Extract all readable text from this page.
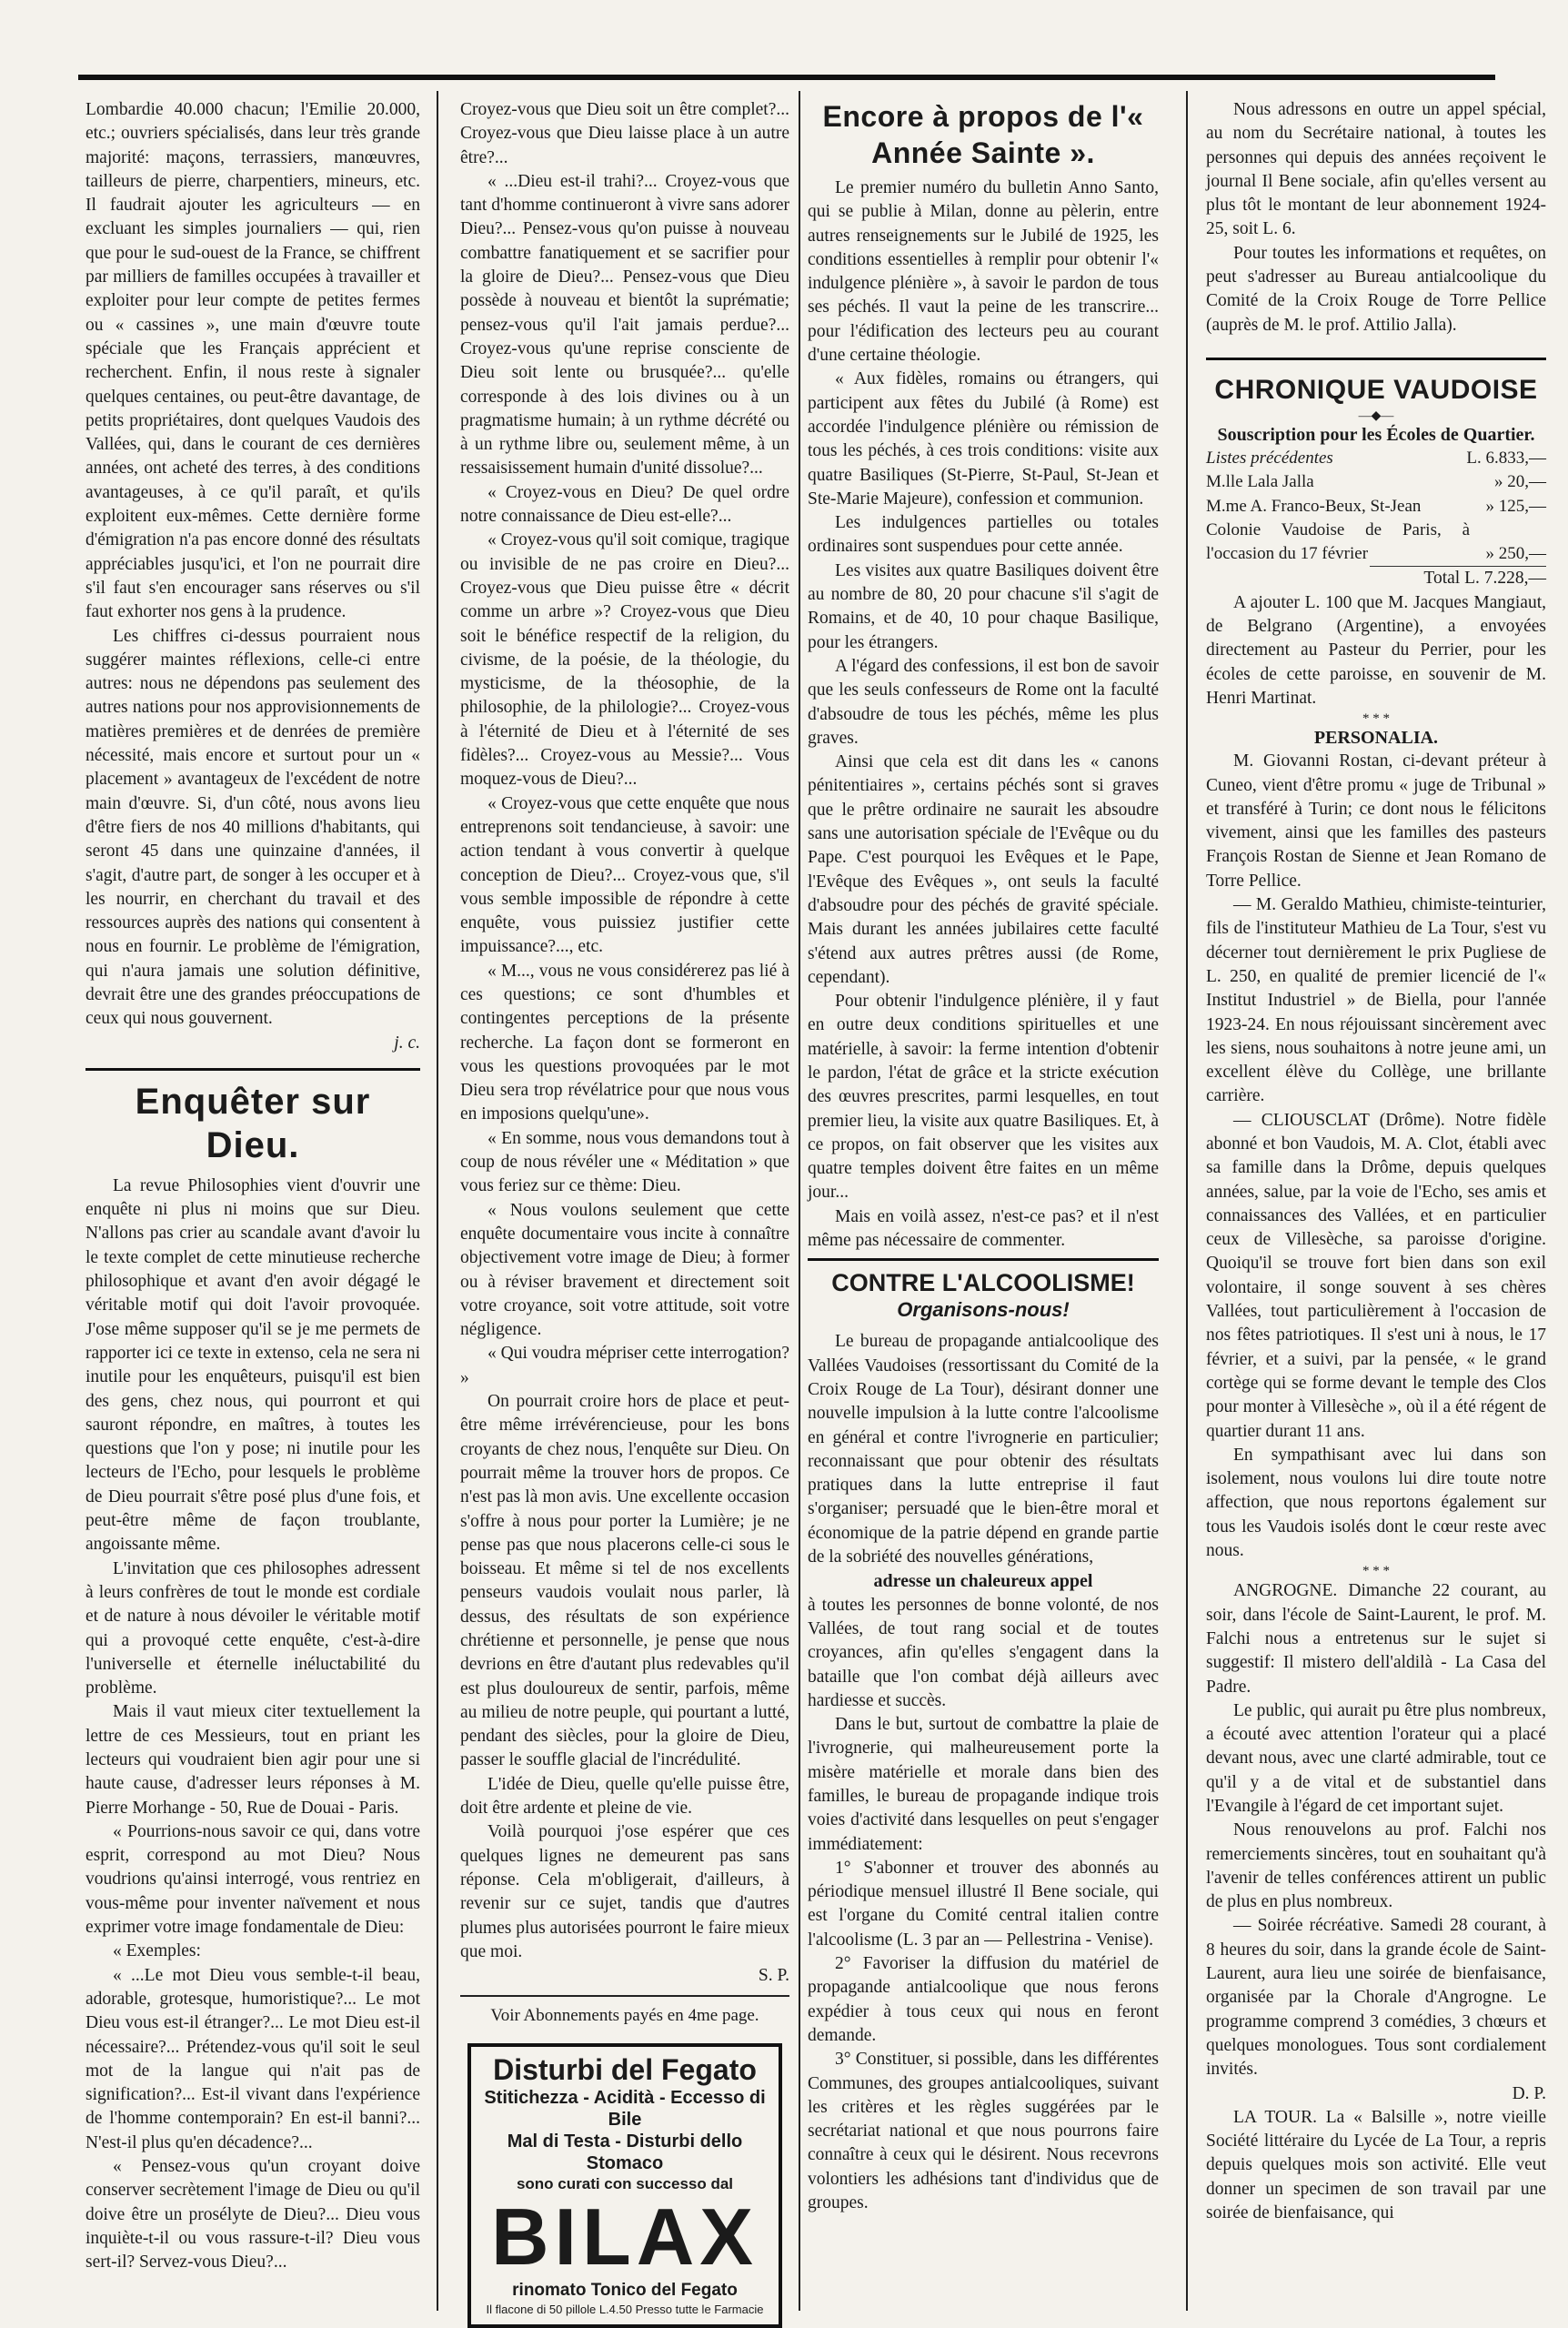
Lombardie 40.000 chacun; l'Emilie 20.000, etc.; ouvriers spécialisés, dans leur très grande majorité: maçons, terrassiers, manœuvres, tailleurs de pierre, charpentiers, mineurs, etc. Il faudrait ajouter les agriculteurs — en excluant les simples journaliers — qui, rien que pour le sud-ouest de la France, se chiffrent par milliers de familles occupées à travailler et exploiter pour leur compte de petites fermes ou « cassines », une main d'œuvre toute spéciale que les Français apprécient et recherchent. Enfin, il nous reste à signaler quelques centaines, ou peut-être davantage, de petits propriétaires, dont quelques Vaudois des Vallées, qui, dans le courant de ces dernières années, ont acheté des terres, à des conditions avantageuses, à ce qu'il paraît, et qu'ils exploitent eux-mêmes. Cette dernière forme d'émigration n'a pas encore donné des résultats appréciables jusqu'ici, et l'on ne pourrait dire s'il faut s'en encourager sans réserves ou s'il faut exhorter nos gens à la prudence.

Les chiffres ci-dessus pourraient nous suggérer maintes réflexions, celle-ci entre autres: nous ne dépendons pas seulement des autres nations pour nos approvisionnements de matières premières et de denrées de première nécessité, mais encore et surtout pour un « placement » avantageux de l'excédent de notre main d'œuvre. Si, d'un côté, nous avons lieu d'être fiers de nos 40 millions d'habitants, qui seront 45 dans une quinzaine d'années, il s'agit, d'autre part, de songer à les occuper et à les nourrir, en cherchant du travail et des ressources auprès des nations qui consentent à nous en fournir. Le problème de l'émigration, qui n'aura jamais une solution définitive, devrait être une des grandes préoccupations de ceux qui nous gouvernent.

j. c.

Enquêter sur Dieu.

La revue Philosophies vient d'ouvrir une enquête ni plus ni moins que sur Dieu. N'allons pas crier au scandale avant d'avoir lu le texte complet de cette minutieuse recherche philosophique et avant d'en avoir dégagé le véritable motif qui doit l'avoir provoquée. J'ose même supposer qu'il se je me permets de rapporter ici ce texte in extenso, cela ne sera ni inutile pour les enquêteurs, puisqu'il est bien des gens, chez nous, qui pourront et qui sauront répondre, en maîtres, à toutes les questions que l'on y pose; ni inutile pour les lecteurs de l'Echo, pour lesquels le problème de Dieu pourrait s'être posé plus d'une fois, et peut-être même de façon troublante, angoissante même.

L'invitation que ces philosophes adressent à leurs confrères de tout le monde est cordiale et de nature à nous dévoiler le véritable motif qui a provoqué cette enquête, c'est-à-dire l'universelle et éternelle inéluctabilité du problème.

Mais il vaut mieux citer textuellement la lettre de ces Messieurs, tout en priant les lecteurs qui voudraient bien agir pour une si haute cause, d'adresser leurs réponses à M. Pierre Morhange - 50, Rue de Douai - Paris.

« Pourrions-nous savoir ce qui, dans votre esprit, correspond au mot Dieu? Nous voudrions qu'ainsi interrogé, vous rentriez en vous-même pour inventer naïvement et nous exprimer votre image fondamentale de Dieu:

« Exemples:

« ...Le mot Dieu vous semble-t-il beau, adorable, grotesque, humoristique?... Le mot Dieu vous est-il étranger?... Le mot Dieu est-il nécessaire?... Prétendez-vous qu'il soit le seul mot de la langue qui n'ait pas de signification?... Est-il vivant dans l'expérience de l'homme contemporain? En est-il banni?... N'est-il plus qu'en décadence?...

« Pensez-vous qu'un croyant doive conserver secrètement l'image de Dieu ou qu'il doive être un prosélyte de Dieu?... Dieu vous inquiète-t-il ou vous rassure-t-il? Dieu vous sert-il? Servez-vous Dieu?...

Croyez-vous que Dieu soit un être complet?... Croyez-vous que Dieu laisse place à un autre être?...

« ...Dieu est-il trahi?... Croyez-vous que tant d'homme continueront à vivre sans adorer Dieu?... Pensez-vous qu'on puisse à nouveau combattre fanatiquement et se sacrifier pour la gloire de Dieu?... Pensez-vous que Dieu possède à nouveau et bientôt la suprématie; pensez-vous qu'il l'ait jamais perdue?... Croyez-vous qu'une reprise consciente de Dieu soit lente ou brusquée?... qu'elle corresponde à des lois divines ou à un pragmatisme humain; à un rythme décrété ou à un rythme libre ou, seulement même, à un ressaisissement humain d'unité dissolue?...

« Croyez-vous en Dieu? De quel ordre notre connaissance de Dieu est-elle?...

« Croyez-vous qu'il soit comique, tragique ou invisible de ne pas croire en Dieu?... Croyez-vous que Dieu puisse être « décrit comme un arbre »? Croyez-vous que Dieu soit le bénéfice respectif de la religion, du civisme, de la poésie, de la théologie, du mysticisme, de la théosophie, de la philosophie, de la philologie?... Croyez-vous à l'éternité de Dieu et à l'éternité de ses fidèles?... Croyez-vous au Messie?... Vous moquez-vous de Dieu?...

« Croyez-vous que cette enquête que nous entreprenons soit tendancieuse, à savoir: une action tendant à vous convertir à quelque conception de Dieu?... Croyez-vous que, s'il vous semble impossible de répondre à cette enquête, vous puissiez justifier cette impuissance?..., etc.

« M..., vous ne vous considérerez pas lié à ces questions; ce sont d'humbles et contingentes perceptions de la présente recherche. La façon dont se formeront en vous les questions provoquées par le mot Dieu sera trop révélatrice pour que nous vous en imposions quelqu'une».

« En somme, nous vous demandons tout à coup de nous révéler une « Méditation » que vous feriez sur ce thème: Dieu.

« Nous voulons seulement que cette enquête documentaire vous incite à connaître objectivement votre image de Dieu; à former ou à réviser bravement et directement soit votre croyance, soit votre attitude, soit votre négligence.

« Qui voudra mépriser cette interrogation? »

On pourrait croire hors de place et peut-être même irrévérencieuse, pour les bons croyants de chez nous, l'enquête sur Dieu. On pourrait même la trouver hors de propos. Ce n'est pas là mon avis. Une excellente occasion s'offre à nous pour porter la Lumière; je ne pense pas que nous placerons celle-ci sous le boisseau. Et même si tel de nos excellents penseurs vaudois voulait nous parler, là dessus, des résultats de son expérience chrétienne et personnelle, je pense que nous devrions en être d'autant plus redevables qu'il est plus douloureux de sentir, parfois, même au milieu de notre peuple, qui pourtant a lutté, pendant des siècles, pour la gloire de Dieu, passer le souffle glacial de l'incrédulité.

L'idée de Dieu, quelle qu'elle puisse être, doit être ardente et pleine de vie.

Voilà pourquoi j'ose espérer que ces quelques lignes ne demeurent pas sans réponse. Cela m'obligerait, d'ailleurs, à revenir sur ce sujet, tandis que d'autres plumes plus autorisées pourront le faire mieux que moi.

S. P.

Voir Abonnements payés en 4me page.

Disturbi del Fegato
Stitichezza - Acidità - Eccesso di Bile
Mal di Testa - Disturbi dello Stomaco
sono curati con successo dal
BILAX
rinomato Tonico del Fegato
Il flacone di 50 pillole L.4.50 Presso tutte le Farmacie
Encore à propos de l'« Année Sainte ».

Le premier numéro du bulletin Anno Santo, qui se publie à Milan, donne au pèlerin, entre autres renseignements sur le Jubilé de 1925, les conditions essentielles à remplir pour obtenir l'« indulgence plénière », à savoir le pardon de tous ses péchés. Il vaut la peine de les transcrire... pour l'édification des lecteurs peu au courant d'une certaine théologie.

« Aux fidèles, romains ou étrangers, qui participent aux fêtes du Jubilé (à Rome) est accordée l'indulgence plénière ou rémission de tous les péchés, à ces trois conditions: visite aux quatre Basiliques (St-Pierre, St-Paul, St-Jean et Ste-Marie Majeure), confession et communion.

Les indulgences partielles ou totales ordinaires sont suspendues pour cette année.

Les visites aux quatre Basiliques doivent être au nombre de 80, 20 pour chacune s'il s'agit de Romains, et de 40, 10 pour chaque Basilique, pour les étrangers.

A l'égard des confessions, il est bon de savoir que les seuls confesseurs de Rome ont la faculté d'absoudre de tous les péchés, même les plus graves.

Ainsi que cela est dit dans les « canons pénitentiaires », certains péchés sont si graves que le prêtre ordinaire ne saurait les absoudre sans une autorisation spéciale de l'Evêque ou du Pape. C'est pourquoi les Evêques et le Pape, l'Evêque des Evêques », ont seuls la faculté d'absoudre pour des péchés de gravité spéciale. Mais durant les années jubilaires cette faculté s'étend aux autres prêtres aussi (de Rome, cependant).

Pour obtenir l'indulgence plénière, il y faut en outre deux conditions spirituelles et une matérielle, à savoir: la ferme intention d'obtenir le pardon, l'état de grâce et la stricte exécution des œuvres prescrites, parmi lesquelles, en tout premier lieu, la visite aux quatre Basiliques. Et, à ce propos, on fait observer que les visites aux quatre temples doivent être faites en un même jour...

Mais en voilà assez, n'est-ce pas? et il n'est même pas nécessaire de commenter.

CONTRE L'ALCOOLISME!
Organisons-nous!

Le bureau de propagande antialcoolique des Vallées Vaudoises (ressortissant du Comité de la Croix Rouge de La Tour), désirant donner une nouvelle impulsion à la lutte contre l'alcoolisme en général et contre l'ivrognerie en particulier; reconnaissant que pour obtenir des résultats pratiques dans la lutte entreprise il faut s'organiser; persuadé que le bien-être moral et économique de la patrie dépend en grande partie de la sobriété des nouvelles générations,

adresse un chaleureux appel

à toutes les personnes de bonne volonté, de nos Vallées, de tout rang social et de toutes croyances, afin qu'elles s'engagent dans la bataille que l'on combat déjà ailleurs avec hardiesse et succès.

Dans le but, surtout de combattre la plaie de l'ivrognerie, qui malheureusement porte la misère matérielle et morale dans bien des familles, le bureau de propagande indique trois voies d'activité dans lesquelles on peut s'engager immédiatement:

1° S'abonner et trouver des abonnés au périodique mensuel illustré Il Bene sociale, qui est l'organe du Comité central italien contre l'alcoolisme (L. 3 par an — Pellestrina - Venise).

2° Favoriser la diffusion du matériel de propagande antialcoolique que nous ferons expédier à tous ceux qui nous en feront demande.

3° Constituer, si possible, dans les différentes Communes, des groupes antialcooliques, suivant les critères et les règles suggérées par le secrétariat national et que nous pourrons faire connaître à ceux qui le désirent. Nous recevrons volontiers les adhésions tant d'individus que de groupes.

Nous adressons en outre un appel spécial, au nom du Secrétaire national, à toutes les personnes qui depuis des années reçoivent le journal Il Bene sociale, afin qu'elles versent au plus tôt le montant de leur abonnement 1924-25, soit L. 6.

Pour toutes les informations et requêtes, on peut s'adresser au Bureau antialcoolique du Comité de la Croix Rouge de Torre Pellice (auprès de M. le prof. Attilio Jalla).

CHRONIQUE VAUDOISE

—◆—

Souscription pour les Écoles de Quartier.

Listes précédentes	L. 6.833,—
M.lle Lala Jalla	» 20,—
M.me A. Franco-Beux, St-Jean	» 125,—
Colonie Vaudoise de Paris, à l'occasion du 17 février	» 250,—
Total L. 7.228,—

A ajouter L. 100 que M. Jacques Mangiaut, de Belgrano (Argentine), a envoyées directement au Pasteur du Perrier, pour les écoles de cette paroisse, en souvenir de M. Henri Martinat.

* * *

PERSONALIA.

M. Giovanni Rostan, ci-devant préteur à Cuneo, vient d'être promu « juge de Tribunal » et transféré à Turin; ce dont nous le félicitons vivement, ainsi que les familles des pasteurs François Rostan de Sienne et Jean Romano de Torre Pellice.

— M. Geraldo Mathieu, chimiste-teinturier, fils de l'instituteur Mathieu de La Tour, s'est vu décerner tout dernièrement le prix Pugliese de L. 250, en qualité de premier licencié de l'« Institut Industriel » de Biella, pour l'année 1923-24. En nous réjouissant sincèrement avec les siens, nous souhaitons à notre jeune ami, un excellent élève du Collège, une brillante carrière.

— CLIOUSCLAT (Drôme). Notre fidèle abonné et bon Vaudois, M. A. Clot, établi avec sa famille dans la Drôme, depuis quelques années, salue, par la voie de l'Echo, ses amis et connaissances des Vallées, et en particulier ceux de Villesèche, sa paroisse d'origine. Quoiqu'il se trouve fort bien dans son exil volontaire, il songe souvent à ses chères Vallées, tout particulièrement à l'occasion de nos fêtes patriotiques. Il s'est uni à nous, le 17 février, et a suivi, par la pensée, « le grand cortège qui se forme devant le temple des Clos pour monter à Villesèche », où il a été régent de quartier durant 11 ans.

En sympathisant avec lui dans son isolement, nous voulons lui dire toute notre affection, que nous reportons également sur tous les Vaudois isolés dont le cœur reste avec nous.

* * *

ANGROGNE. Dimanche 22 courant, au soir, dans l'école de Saint-Laurent, le prof. M. Falchi nous a entretenus sur le sujet si suggestif: Il mistero dell'aldilà - La Casa del Padre.

Le public, qui aurait pu être plus nombreux, a écouté avec attention l'orateur qui a placé devant nous, avec une clarté admirable, tout ce qu'il y a de vital et de substantiel dans l'Evangile à l'égard de cet important sujet.

Nous renouvelons au prof. Falchi nos remerciements sincères, tout en souhaitant qu'à l'avenir de telles conférences attirent un public de plus en plus nombreux.

— Soirée récréative. Samedi 28 courant, à 8 heures du soir, dans la grande école de Saint-Laurent, aura lieu une soirée de bienfaisance, organisée par la Chorale d'Angrogne. Le programme comprend 3 comédies, 3 chœurs et quelques monologues. Tous sont cordialement invités.

D. P.

LA TOUR. La « Balsille », notre vieille Société littéraire du Lycée de La Tour, a repris depuis quelques mois son activité. Elle veut donner un specimen de son travail par une soirée de bienfaisance, qui
